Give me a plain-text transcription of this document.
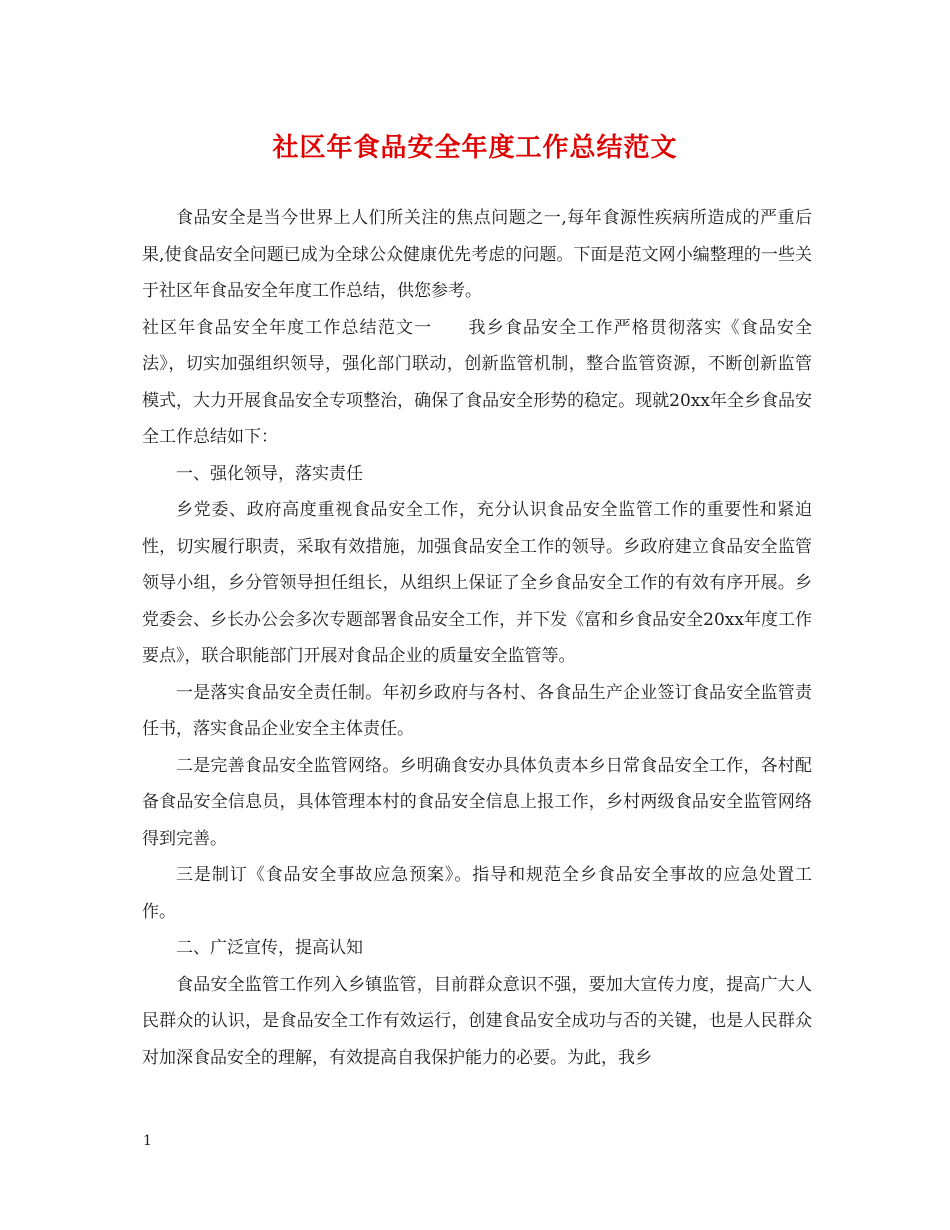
社区年食品安全年度工作总结范文

食品安全是当今世界上人们所关注的焦点问题之一,每年食源性疾病所造成的严重后果,使食品安全问题已成为全球公众健康优先考虑的问题。下面是范文网小编整理的一些关于社区年食品安全年度工作总结，供您参考。

社区年食品安全年度工作总结范文一　　我乡食品安全工作严格贯彻落实《食品安全法》，切实加强组织领导，强化部门联动，创新监管机制，整合监管资源，不断创新监管模式，大力开展食品安全专项整治，确保了食品安全形势的稳定。现就20xx年全乡食品安全工作总结如下：

一、强化领导，落实责任

乡党委、政府高度重视食品安全工作，充分认识食品安全监管工作的重要性和紧迫性，切实履行职责，采取有效措施，加强食品安全工作的领导。乡政府建立食品安全监管领导小组，乡分管领导担任组长，从组织上保证了全乡食品安全工作的有效有序开展。乡党委会、乡长办公会多次专题部署食品安全工作，并下发《富和乡食品安全20xx年度工作要点》，联合职能部门开展对食品企业的质量安全监管等。

一是落实食品安全责任制。年初乡政府与各村、各食品生产企业签订食品安全监管责任书，落实食品企业安全主体责任。

二是完善食品安全监管网络。乡明确食安办具体负责本乡日常食品安全工作，各村配备食品安全信息员，具体管理本村的食品安全信息上报工作，乡村两级食品安全监管网络得到完善。

三是制订《食品安全事故应急预案》。指导和规范全乡食品安全事故的应急处置工作。

二、广泛宣传，提高认知

食品安全监管工作列入乡镇监管，目前群众意识不强，要加大宣传力度，提高广大人民群众的认识，是食品安全工作有效运行，创建食品安全成功与否的关键，也是人民群众对加深食品安全的理解，有效提高自我保护能力的必要。为此，我乡

1
